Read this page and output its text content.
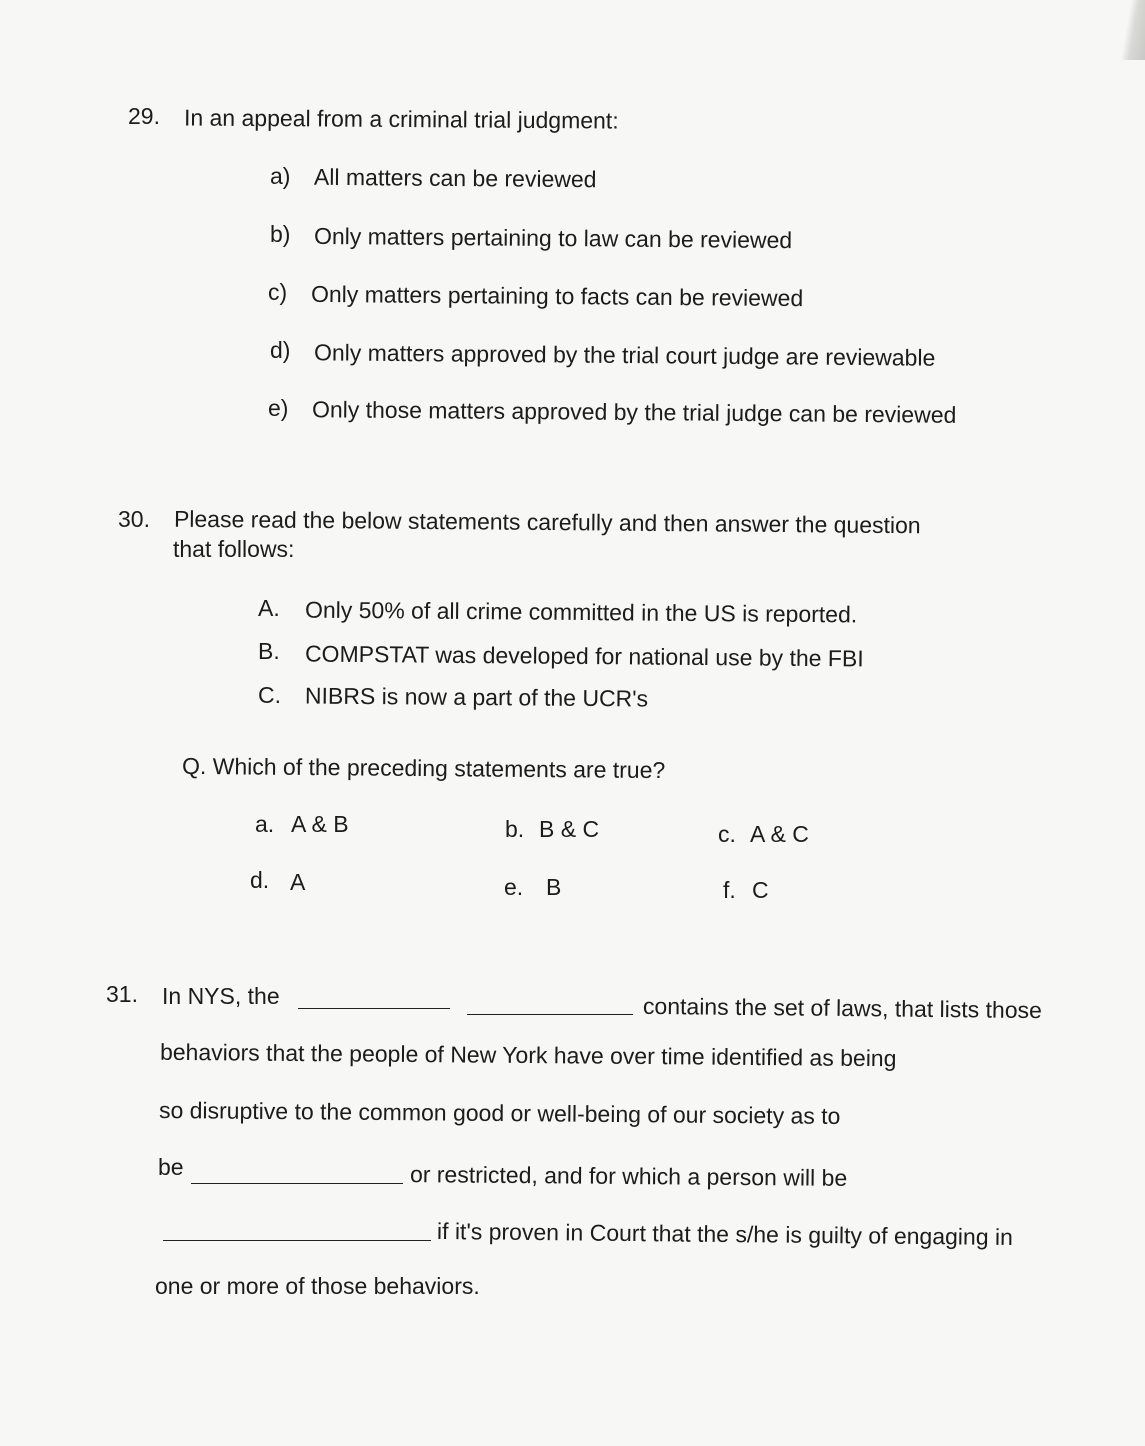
29. In an appeal from a criminal trial judgment:
a) All matters can be reviewed
b) Only matters pertaining to law can be reviewed
c) Only matters pertaining to facts can be reviewed
d) Only matters approved by the trial court judge are reviewable
e) Only those matters approved by the trial judge can be reviewed
30. Please read the below statements carefully and then answer the question
that follows:
A. Only 50% of all crime committed in the US is reported.
B. COMPSTAT was developed for national use by the FBI
C. NIBRS is now a part of the UCR's
Q. Which of the preceding statements are true?
a. A & B	b. B & C	c. A & C
d. A	e. B	f. C
31. In NYS, the	contains the set of laws, that lists those
behaviors that the people of New York have over time identified as being
so disruptive to the common good or well-being of our society as to
be	or restricted, and for which a person will be
if it's proven in Court that the s/he is guilty of engaging in
one or more of those behaviors.
